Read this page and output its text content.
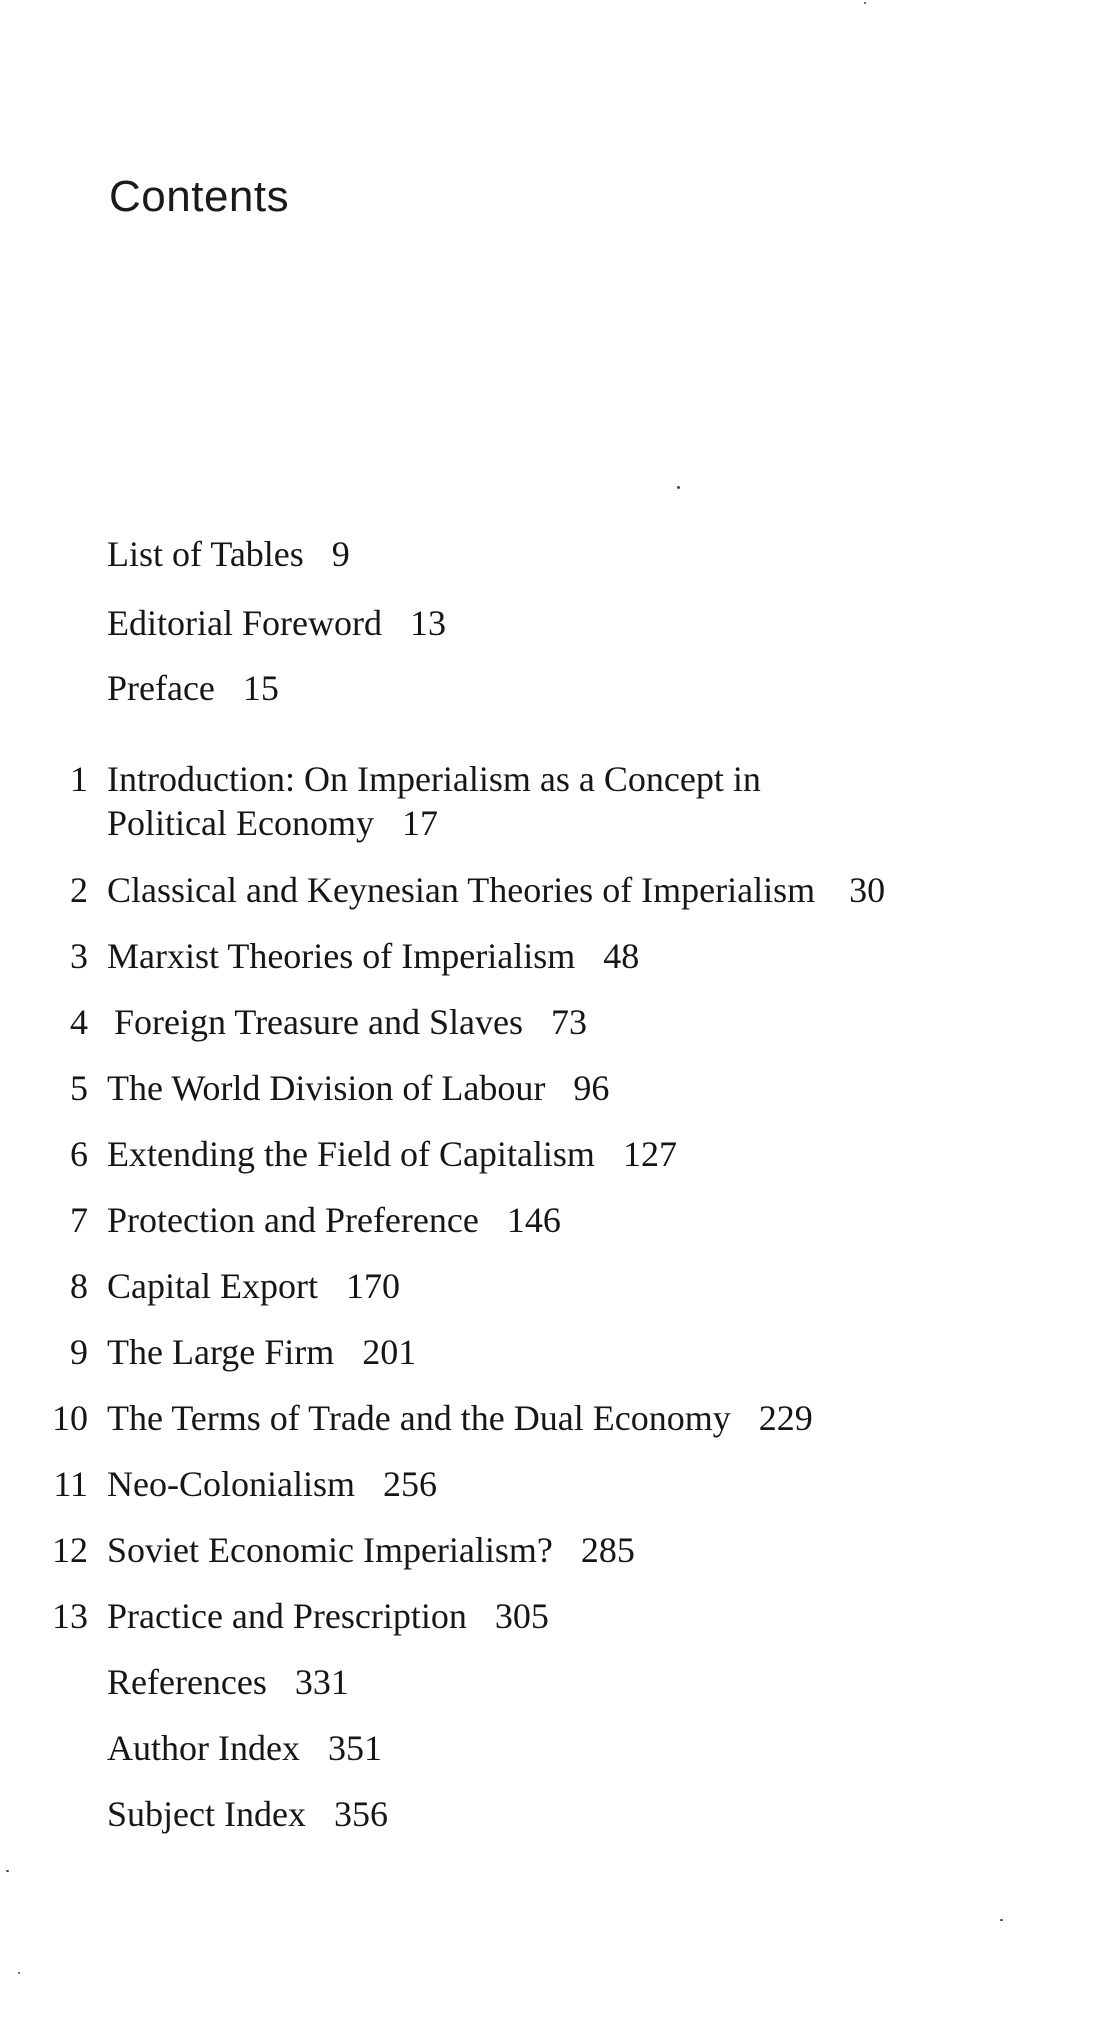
Contents
List of Tables 9
Editorial Foreword 13
Preface 15
1 Introduction: On Imperialism as a Concept in
Political Economy 17
2 Classical and Keynesian Theories of Imperialism 30
3 Marxist Theories of Imperialism 48
4 Foreign Treasure and Slaves 73
5 The World Division of Labour 96
6 Extending the Field of Capitalism 127
7 Protection and Preference 146
8 Capital Export 170
9 The Large Firm 201
10 The Terms of Trade and the Dual Economy 229
11 Neo-Colonialism 256
12 Soviet Economic Imperialism? 285
13 Practice and Prescription 305
References 331
Author Index 351
Subject Index 356
